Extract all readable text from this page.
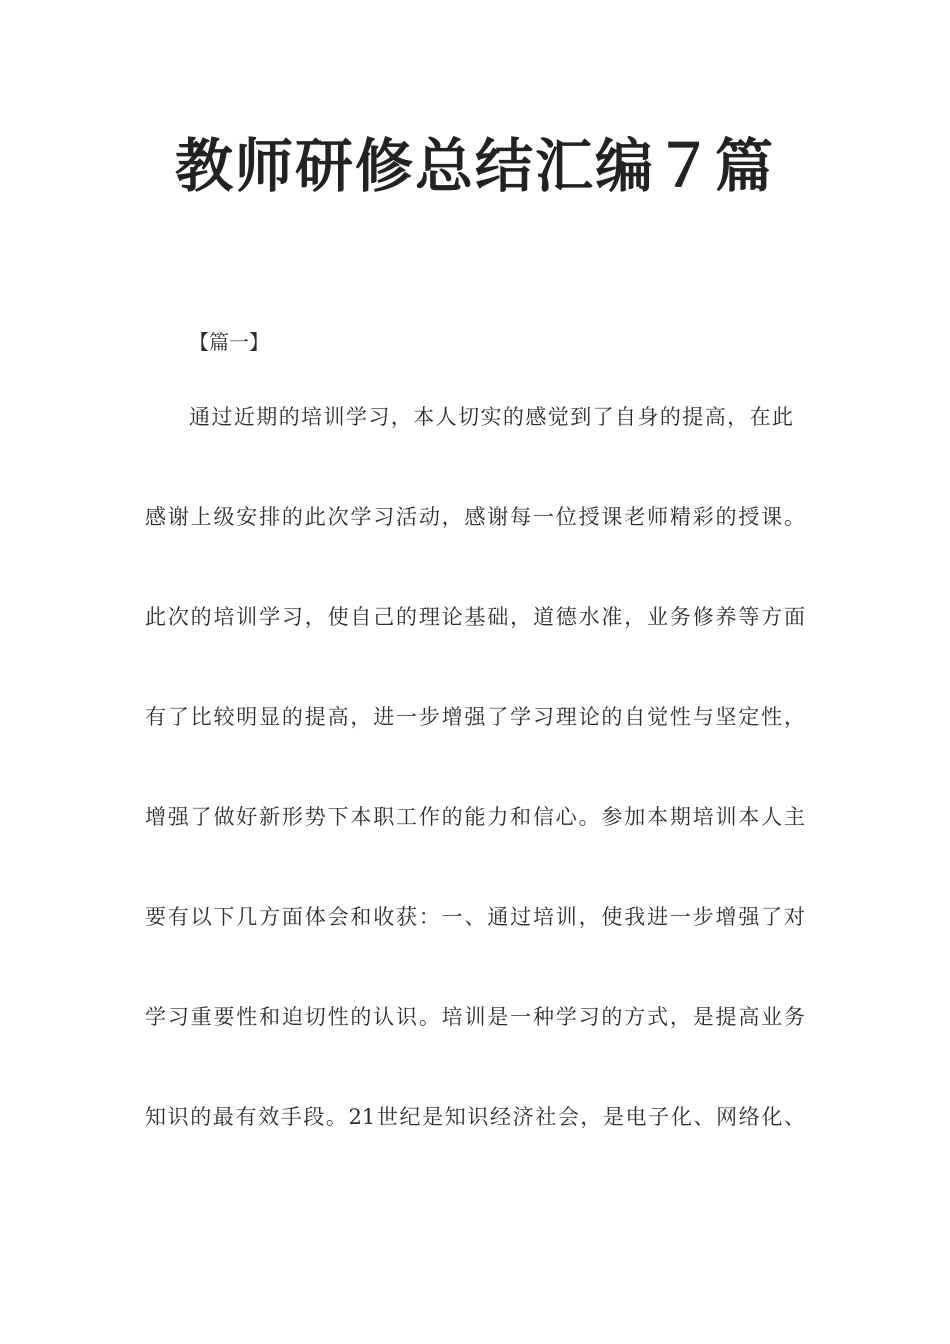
教师研修总结汇编７篇

【篇一】

通过近期的培训学习，本人切实的感觉到了自身的提高，在此

感谢上级安排的此次学习活动，感谢每一位授课老师精彩的授课。

此次的培训学习，使自己的理论基础，道德水准，业务修养等方面

有了比较明显的提高，进一步增强了学习理论的自觉性与坚定性，

增强了做好新形势下本职工作的能力和信心。参加本期培训本人主

要有以下几方面体会和收获：一、通过培训，使我进一步增强了对

学习重要性和迫切性的认识。培训是一种学习的方式，是提高业务

知识的最有效手段。21世纪是知识经济社会，是电子化、网络化、
